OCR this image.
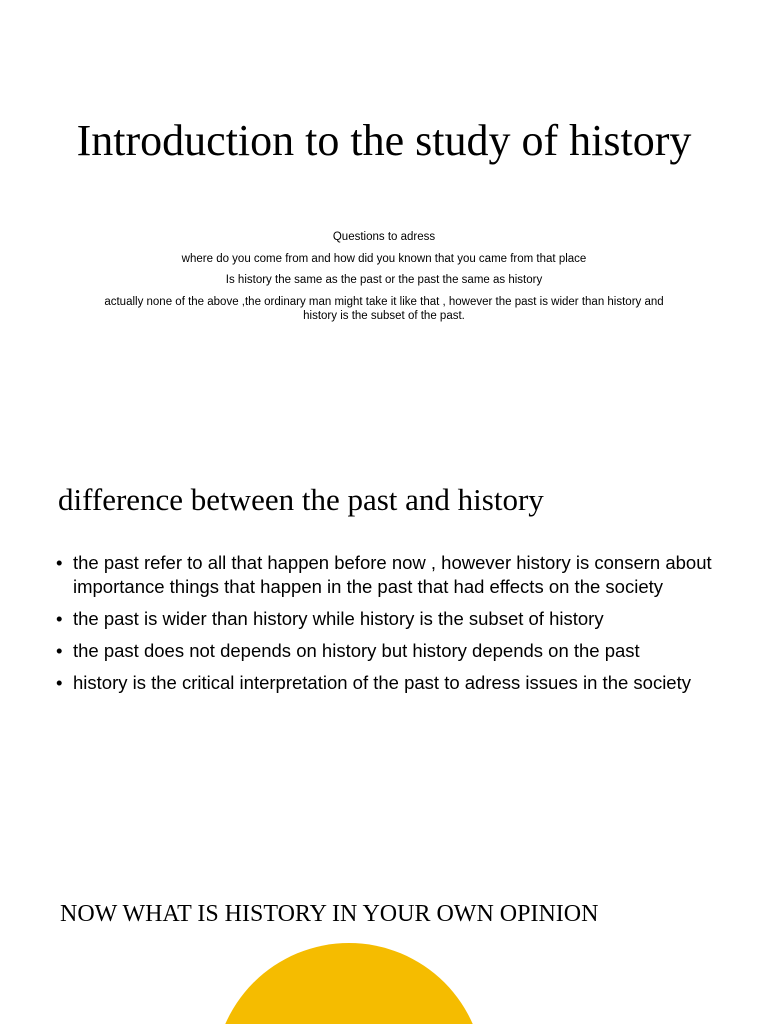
Introduction to the study of history

Questions to adress

where do you come from and how did you known that you came from that place

Is history the same as the past or the past the same as history

actually none of the above ,the ordinary man might take it like that , however the past is wider than history and history is the subset of the past.

difference between the past and history
• the past refer to all that happen before now , however history is consern about importance things that happen in the past that had effects on the society
• the past is wider than history while history is the subset of history
• the past does not depends on history but history depends on the past
• history is the critical interpretation of the past to adress issues in the society
NOW WHAT IS HISTORY IN YOUR OWN OPINION
